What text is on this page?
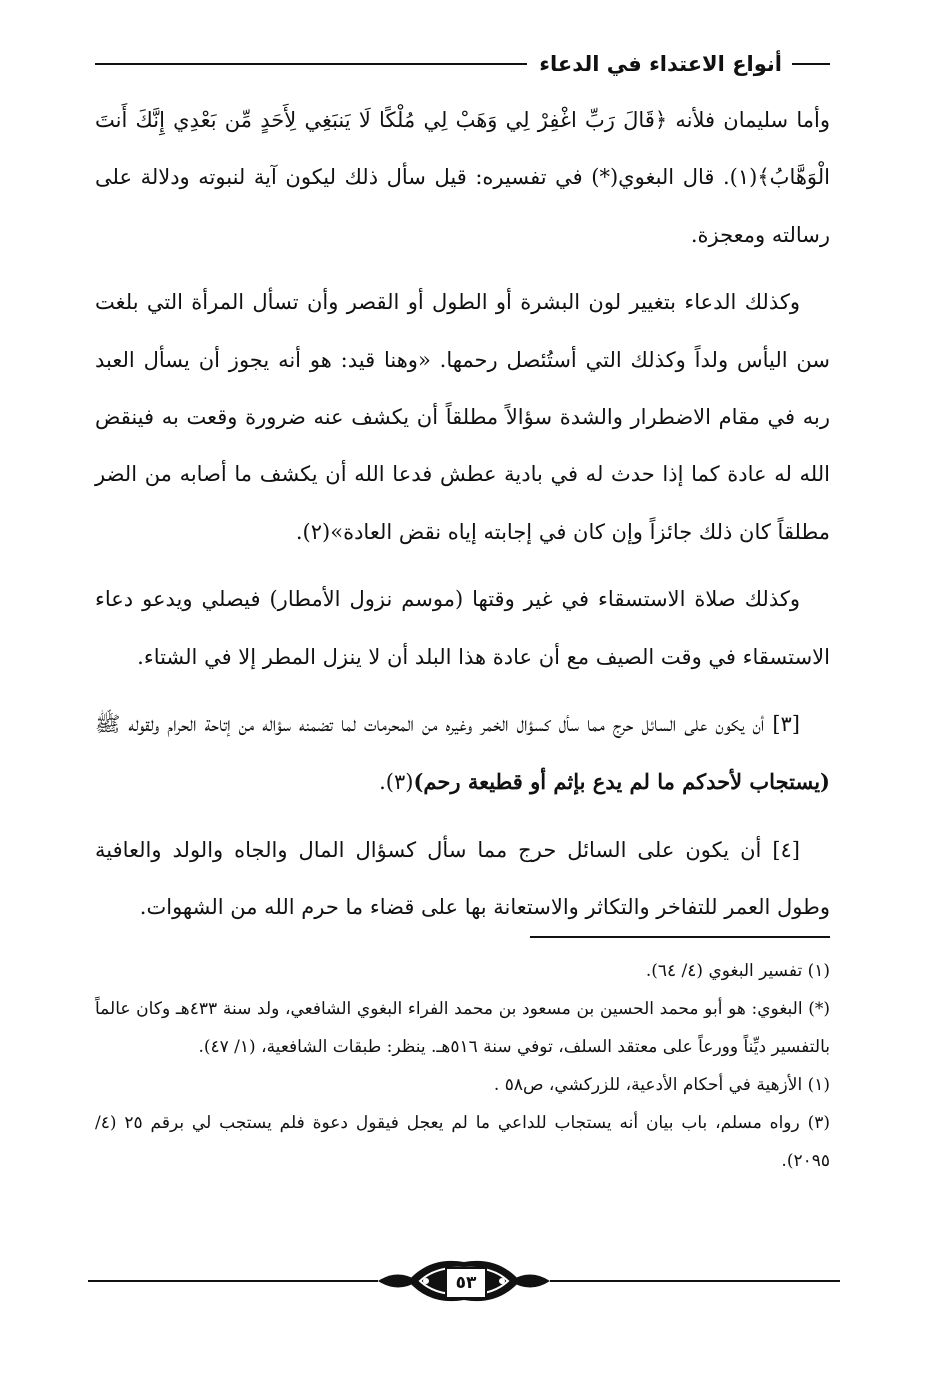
أنواع الاعتداء في الدعاء

وأما سليمان فلأنه ﴿قَالَ رَبِّ اغْفِرْ لِي وَهَبْ لِي مُلْكًا لَا يَنبَغِي لِأَحَدٍ مِّن بَعْدِي إِنَّكَ أَنتَ الْوَهَّابُ﴾(١). قال البغوي(*) في تفسيره: قيل سأل ذلك ليكون آية لنبوته ودلالة على رسالته ومعجزة.

وكذلك الدعاء بتغيير لون البشرة أو الطول أو القصر وأن تسأل المرأة التي بلغت سن اليأس ولداً وكذلك التي أستُئصل رحمها. «وهنا قيد: هو أنه يجوز أن يسأل العبد ربه في مقام الاضطرار والشدة سؤالاً مطلقاً أن يكشف عنه ضرورة وقعت به فينقض الله له عادة كما إذا حدث له في بادية عطش فدعا الله أن يكشف ما أصابه من الضر مطلقاً كان ذلك جائزاً وإن كان في إجابته إياه نقض العادة»(٢).

وكذلك صلاة الاستسقاء في غير وقتها (موسم نزول الأمطار) فيصلي ويدعو دعاء الاستسقاء في وقت الصيف مع أن عادة هذا البلد أن لا ينزل المطر إلا في الشتاء.

[٣] أن يكون على السائل حرج مما سأل كسؤال الخمر وغيره من المحرمات لما تضمنه سؤاله من إتاحة الحرام ولقوله ﷺ (يستجاب لأحدكم ما لم يدع بإثم أو قطيعة رحم)(٣).

[٤] أن يكون على السائل حرج مما سأل كسؤال المال والجاه والولد والعافية وطول العمر للتفاخر والتكاثر والاستعانة بها على قضاء ما حرم الله من الشهوات.

(١) تفسير البغوي (٤/ ٦٤).

(*) البغوي: هو أبو محمد الحسين بن مسعود بن محمد الفراء البغوي الشافعي، ولد سنة ٤٣٣هـ وكان عالماً بالتفسير ديِّناً وورعاً على معتقد السلف، توفي سنة ٥١٦هـ. ينظر: طبقات الشافعية، (١/ ٤٧).

(١) الأزهية في أحكام الأدعية، للزركشي، ص٥٨ .

(٣) رواه مسلم، باب بيان أنه يستجاب للداعي ما لم يعجل فيقول دعوة فلم يستجب لي برقم ٢٥ (٤/ ٢٠٩٥).

٥٣
